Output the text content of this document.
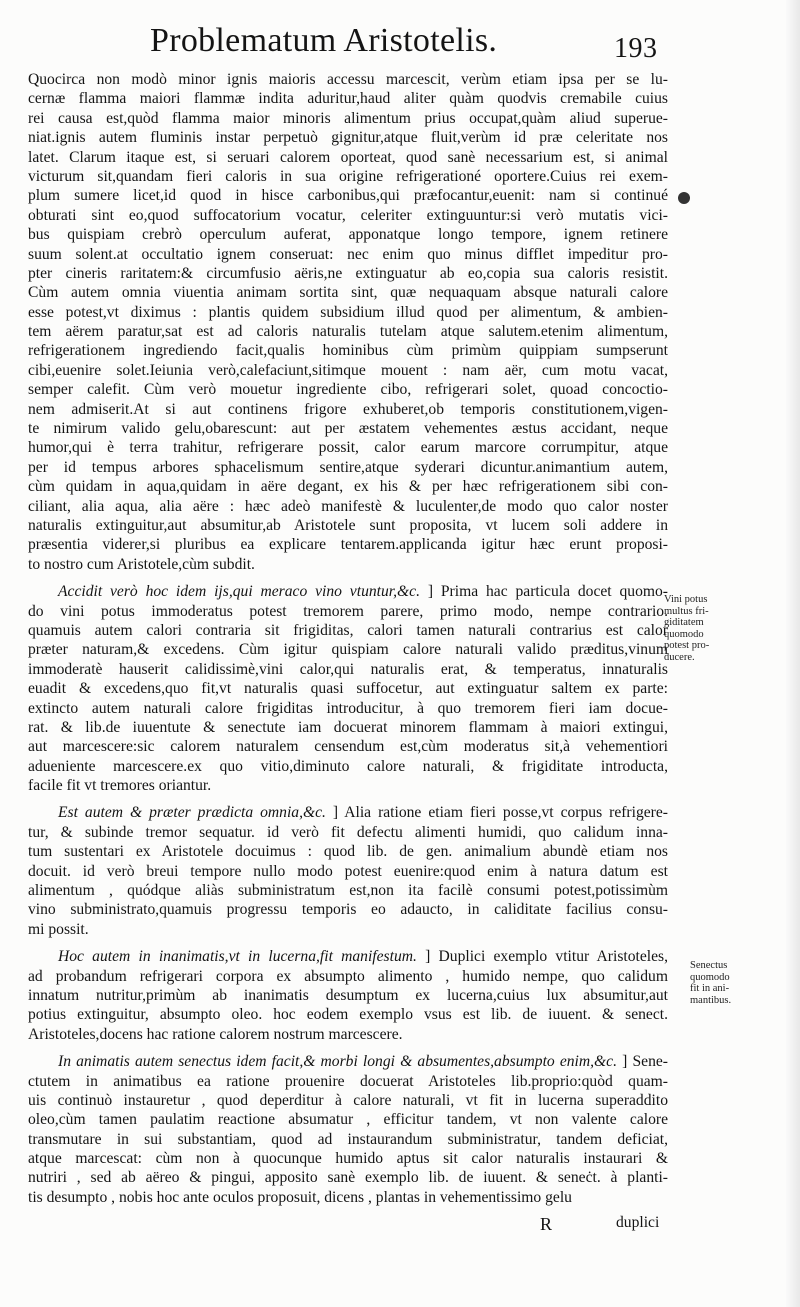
Problematum Aristotelis.	193
Quocirca non modò minor ignis maioris accessu marcescit, verùm etiam ipsa per se lu-
cernæ flamma maiori flammæ indita aduritur,haud aliter quàm quodvis cremabile cuius
rei causa est,quòd flamma maior minoris alimentum prius occupat,quàm aliud superue-
niat.ignis autem fluminis instar perpetuò gignitur,atque fluit,verùm id præ celeritate nos
latet. Clarum itaque est, si seruari calorem oporteat, quod sanè necessarium est, si animal
victurum sit,quandam fieri caloris in sua origine refrigerationé oportere.Cuius rei exem-
plum sumere licet,id quod in hisce carbonibus,qui præfocantur,euenit: nam si continué
obturati sint eo,quod suffocatorium vocatur, celeriter extinguuntur:si verò mutatis vici-
bus quispiam crebrò operculum auferat, apponatque longo tempore, ignem retinere
suum solent.at occultatio ignem conseruat: nec enim quo minus difflet impeditur pro-
pter cineris raritatem:& circumfusio aëris,ne extinguatur ab eo,copia sua caloris resistit.
Cùm autem omnia viuentia animam sortita sint, quæ nequaquam absque naturali calore
esse potest,vt diximus : plantis quidem subsidium illud quod per alimentum, & ambien-
tem aërem paratur,sat est ad caloris naturalis tutelam atque salutem.etenim alimentum,
refrigerationem ingrediendo facit,qualis hominibus cùm primùm quippiam sumpserunt
cibi,euenire solet.Ieiunia verò,calefaciunt,sitimque mouent : nam aër, cum motu vacat,
semper calefit. Cùm verò mouetur ingrediente cibo, refrigerari solet, quoad concoctio-
nem admiserit.At si aut continens frigore exhuberet,ob temporis constitutionem,vigen-
te nimirum valido gelu,obarescunt: aut per æstatem vehementes æstus accidant, neque
humor,qui è terra trahitur, refrigerare possit, calor earum marcore corrumpitur, atque
per id tempus arbores sphacelismum sentire,atque syderari dicuntur.animantium autem,
cùm quidam in aqua,quidam in aëre degant, ex his & per hæc refrigerationem sibi con-
ciliant, alia aqua, alia aëre : hæc adeò manifestè & luculenter,de modo quo calor noster
naturalis extinguitur,aut absumitur,ab Aristotele sunt proposita, vt lucem soli addere in
præsentia viderer,si pluribus ea explicare tentarem.applicanda igitur hæc erunt proposi-
to nostro cum Aristotele,cùm subdit.
Accidit verò hoc idem ijs,qui meraco vino vtuntur,&c. ] Prima hac particula docet quomo-
do vini potus immoderatus potest tremorem parere, primo modo, nempe contrario.
quamuis autem calori contraria sit frigiditas, calori tamen naturali contrarius est calor
præter naturam,& excedens. Cùm igitur quispiam calore naturali valido præditus,vinum
immoderatè hauserit calidissimè,vini calor,qui naturalis erat, & temperatus, innaturalis
euadit & excedens,quo fit,vt naturalis quasi suffocetur, aut extinguatur saltem ex parte:
extincto autem naturali calore frigiditas introducitur, à quo tremorem fieri iam docue-
rat. & lib.de iuuentute & senectute iam docuerat minorem flammam à maiori extingui,
aut marcescere:sic calorem naturalem censendum est,cùm moderatus sit,à vehementiori
adueniente marcescere.ex quo vitio,diminuto calore naturali, & frigiditate introducta,
facile fit vt tremores oriantur.
Est autem & præter prædicta omnia,&c. ] Alia ratione etiam fieri posse,vt corpus refrigere-
tur, & subinde tremor sequatur. id verò fit defectu alimenti humidi, quo calidum inna-
tum sustentari ex Aristotele docuimus : quod lib. de gen. animalium abundè etiam nos
docuit. id verò breui tempore nullo modo potest euenire:quod enim à natura datum est
alimentum , quódque aliàs subministratum est,non ita facilè consumi potest,potissimùm
vino subministrato,quamuis progressu temporis eo adaucto, in caliditate facilius consu-
mi possit.
Hoc autem in inanimatis,vt in lucerna,fit manifestum. ] Duplici exemplo vtitur Aristoteles,
ad probandum refrigerari corpora ex absumpto alimento , humido nempe, quo calidum
innatum nutritur,primùm ab inanimatis desumptum ex lucerna,cuius lux absumitur,aut
potius extinguitur, absumpto oleo. hoc eodem exemplo vsus est lib. de iuuent. & senect.
Aristoteles,docens hac ratione calorem nostrum marcescere.
In animatis autem senectus idem facit,& morbi longi & absumentes,absumpto enim,&c. ] Sene-
ctutem in animatibus ea ratione prouenire docuerat Aristoteles lib.proprio:quòd quam-
uis continuò instauretur , quod deperditur à calore naturali, vt fit in lucerna superaddito
oleo,cùm tamen paulatim reactione absumatur , efficitur tandem, vt non valente calore
transmutare in sui substantiam, quod ad instaurandum subministratur, tandem deficiat,
atque marcescat: cùm non à quocunque humido aptus sit calor naturalis instaurari &
nutriri , sed ab aëreo & pingui, apposito sanè exemplo lib. de iuuent. & seneċt. à planti-
tis desumpto , nobis hoc ante oculos proposuit, dicens , plantas in vehementissimo gelu
Vini potus
multus fri-
giditatem
quomodo
potest pro-
ducere.
Senectus
quomodo
fit in ani-
mantibus.
R	duplici
